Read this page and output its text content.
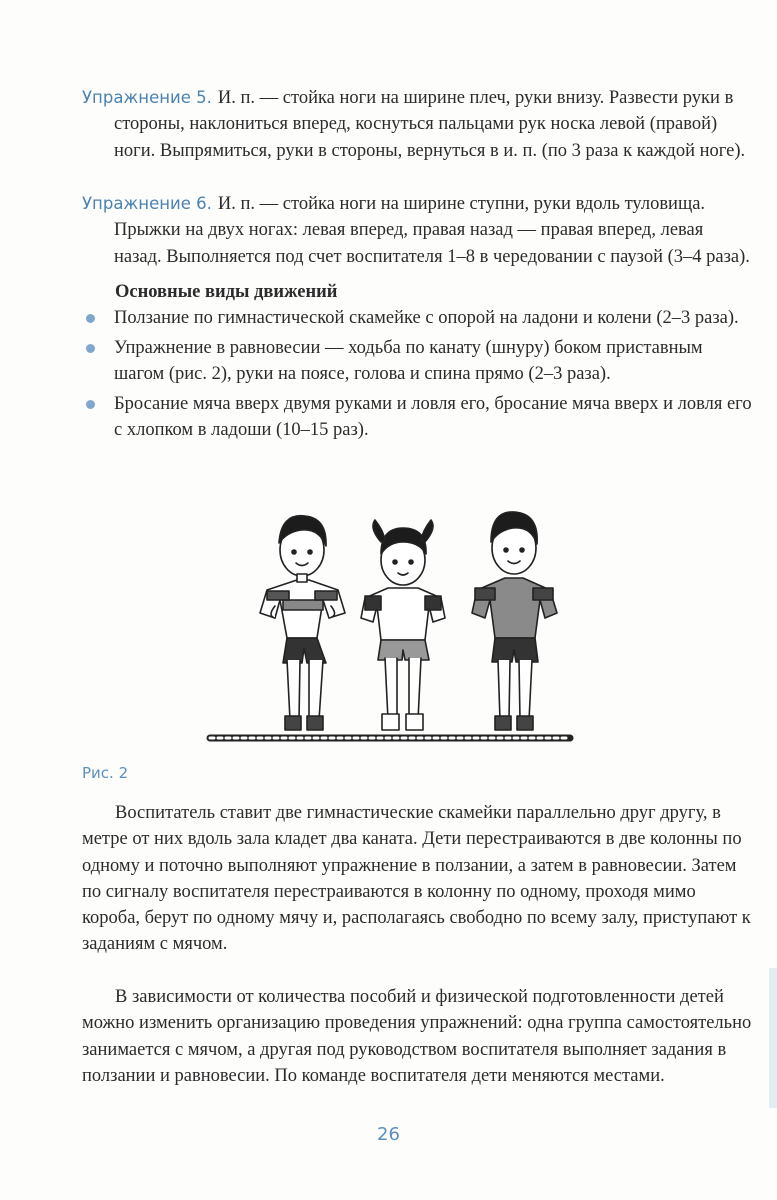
Упражнение 5. И. п. — стойка ноги на ширине плеч, руки внизу. Развести руки в стороны, наклониться вперед, коснуться пальцами рук носка левой (правой) ноги. Выпрямиться, руки в стороны, вернуться в и. п. (по 3 раза к каждой ноге).

Упражнение 6. И. п. — стойка ноги на ширине ступни, руки вдоль туловища. Прыжки на двух ногах: левая вперед, правая назад — правая вперед, левая назад. Выполняется под счет воспитателя 1–8 в чередовании с паузой (3–4 раза).

Основные виды движений
Ползание по гимнастической скамейке с опорой на ладони и колени (2–3 раза).
Упражнение в равновесии — ходьба по канату (шнуру) боком приставным шагом (рис. 2), руки на поясе, голова и спина прямо (2–3 раза).
Бросание мяча вверх двумя руками и ловля его, бросание мяча вверх и ловля его с хлопком в ладоши (10–15 раз).
Рис. 2

Воспитатель ставит две гимнастические скамейки параллельно друг другу, в метре от них вдоль зала кладет два каната. Дети перестраиваются в две колонны по одному и поточно выполняют упражнение в ползании, а затем в равновесии. Затем по сигналу воспитателя перестраиваются в колонну по одному, проходя мимо короба, берут по одному мячу и, располагаясь свободно по всему залу, приступают к заданиям с мячом.

В зависимости от количества пособий и физической подготовленности детей можно изменить организацию проведения упражнений: одна группа самостоятельно занимается с мячом, а другая под руководством воспитателя выполняет задания в ползании и равновесии. По команде воспитателя дети меняются местами.

26
